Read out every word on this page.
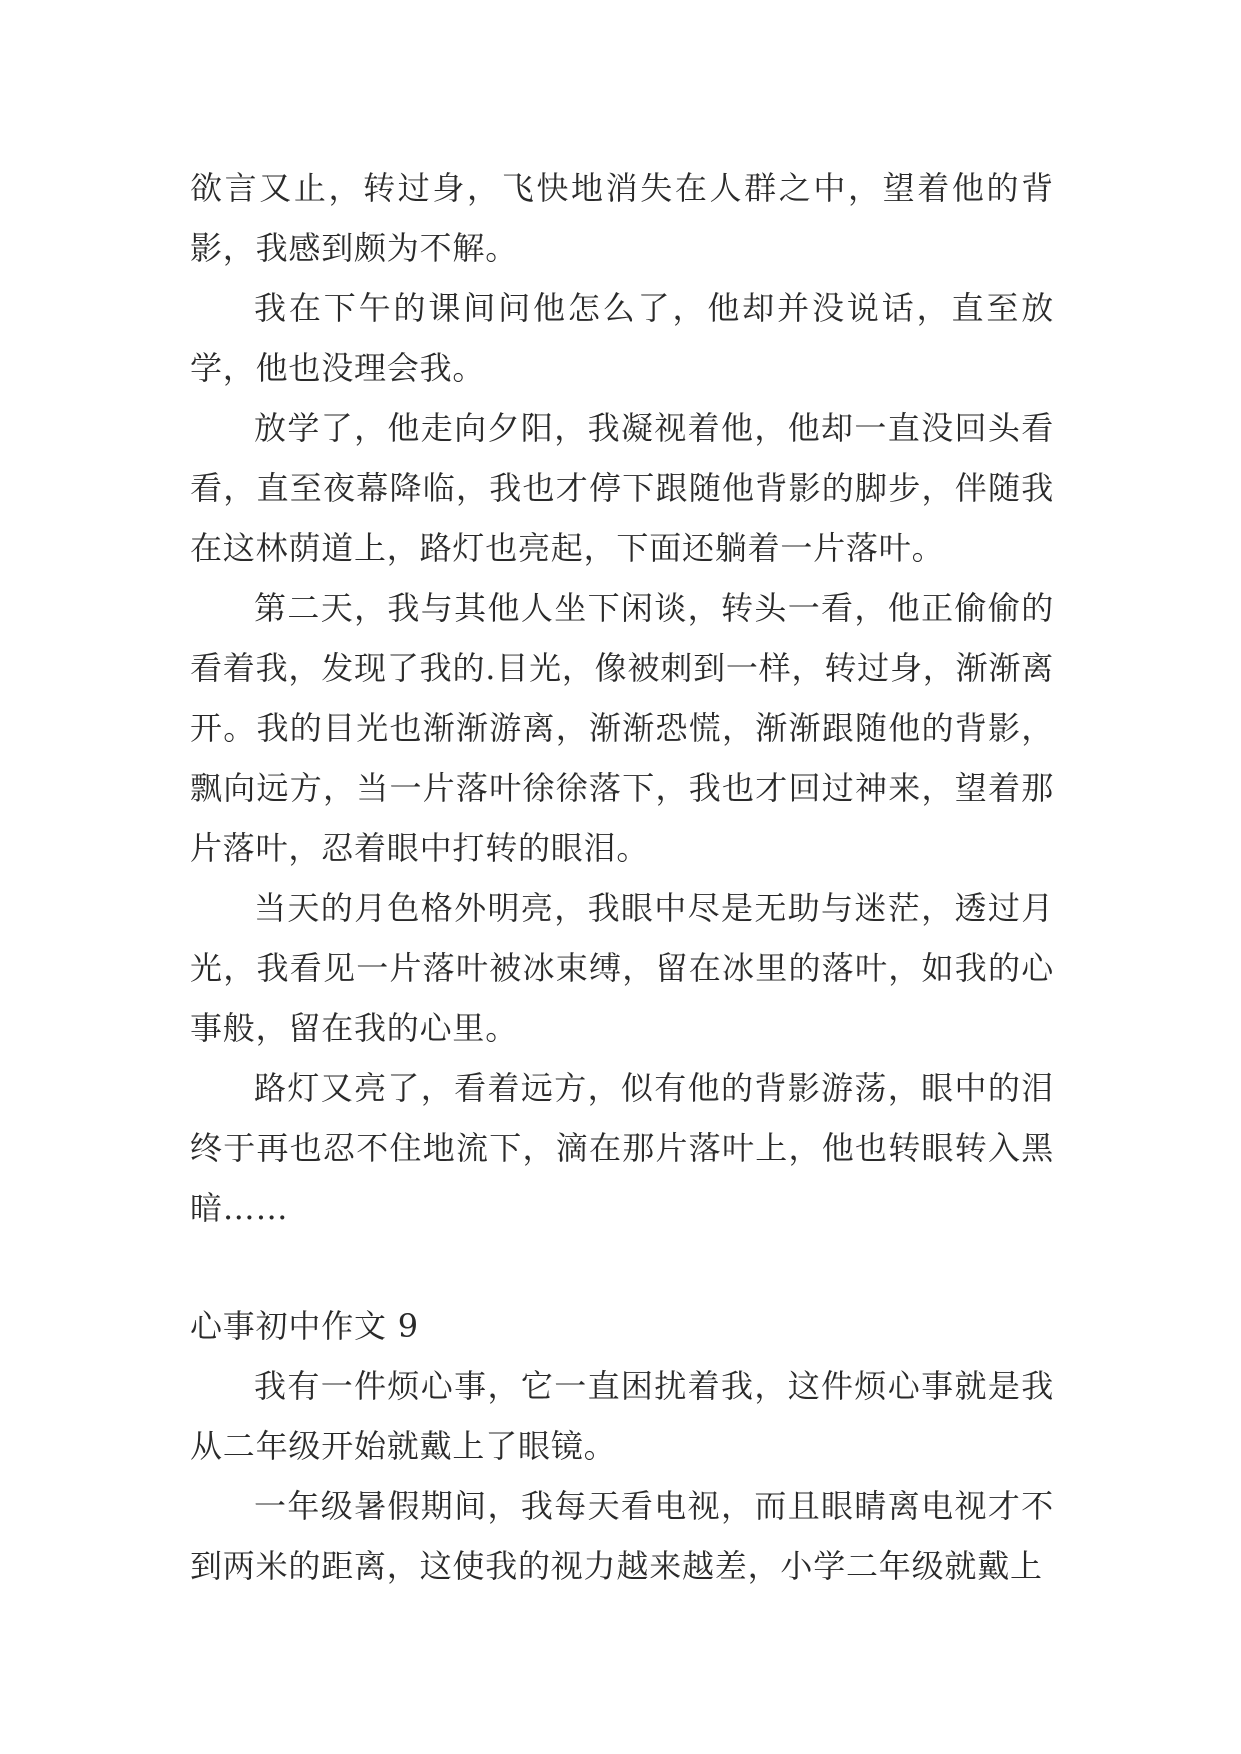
欲言又止，转过身，飞快地消失在人群之中，望着他的背影，我感到颇为不解。

我在下午的课间问他怎么了，他却并没说话，直至放学，他也没理会我。

放学了，他走向夕阳，我凝视着他，他却一直没回头看看，直至夜幕降临，我也才停下跟随他背影的脚步，伴随我在这林荫道上，路灯也亮起，下面还躺着一片落叶。

第二天，我与其他人坐下闲谈，转头一看，他正偷偷的看着我，发现了我的.目光，像被刺到一样，转过身，渐渐离开。我的目光也渐渐游离，渐渐恐慌，渐渐跟随他的背影，飘向远方，当一片落叶徐徐落下，我也才回过神来，望着那片落叶，忍着眼中打转的眼泪。

当天的月色格外明亮，我眼中尽是无助与迷茫，透过月光，我看见一片落叶被冰束缚，留在冰里的落叶，如我的心事般，留在我的心里。

路灯又亮了，看着远方，似有他的背影游荡，眼中的泪终于再也忍不住地流下，滴在那片落叶上，他也转眼转入黑暗……

心事初中作文 9

我有一件烦心事，它一直困扰着我，这件烦心事就是我从二年级开始就戴上了眼镜。

一年级暑假期间，我每天看电视，而且眼睛离电视才不到两米的距离，这使我的视力越来越差，小学二年级就戴上
